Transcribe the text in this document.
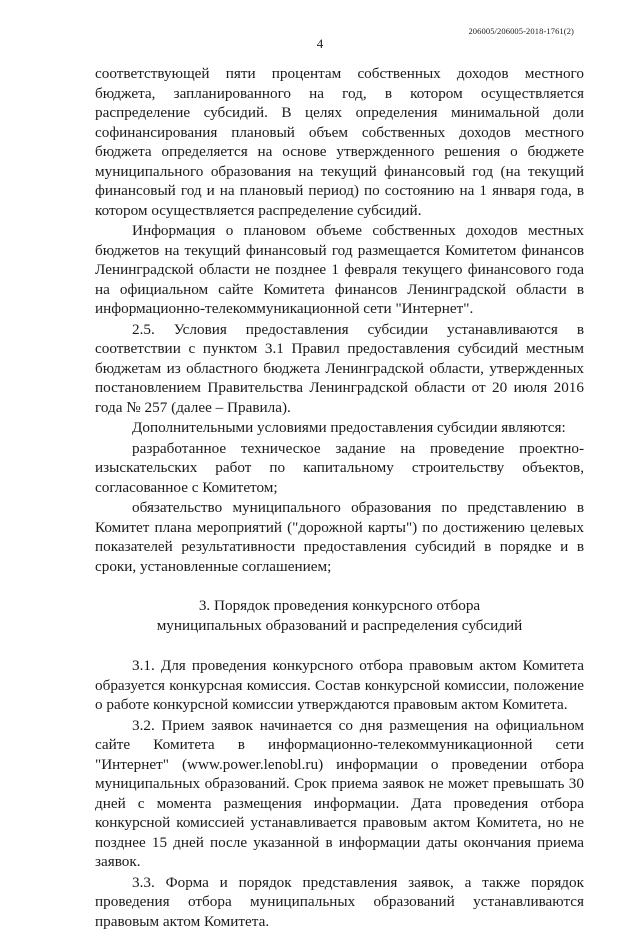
206005/206005-2018-1761(2)
4

соответствующей пяти процентам собственных доходов местного бюджета, запланированного на год, в котором осуществляется распределение субсидий. В целях определения минимальной доли софинансирования плановый объем собственных доходов местного бюджета определяется на основе утвержденного решения о бюджете муниципального образования на текущий финансовый год (на текущий финансовый год и на плановый период) по состоянию на 1 января года, в котором осуществляется распределение субсидий.

Информация о плановом объеме собственных доходов местных бюджетов на текущий финансовый год размещается Комитетом финансов Ленинградской области не позднее 1 февраля текущего финансового года на официальном сайте Комитета финансов Ленинградской области в информационно-телекоммуникационной сети "Интернет".

2.5. Условия предоставления субсидии устанавливаются в соответствии с пунктом 3.1 Правил предоставления субсидий местным бюджетам из областного бюджета Ленинградской области, утвержденных постановлением Правительства Ленинградской области от 20 июля 2016 года № 257 (далее – Правила).

Дополнительными условиями предоставления субсидии являются:

разработанное техническое задание на проведение проектно-изыскательских работ по капитальному строительству объектов, согласованное с Комитетом;

обязательство муниципального образования по представлению в Комитет плана мероприятий ("дорожной карты") по достижению целевых показателей результативности предоставления субсидий в порядке и в сроки, установленные соглашением;

3. Порядок проведения конкурсного отбора
муниципальных образований и распределения субсидий

3.1. Для проведения конкурсного отбора правовым актом Комитета образуется конкурсная комиссия. Состав конкурсной комиссии, положение о работе конкурсной комиссии утверждаются правовым актом Комитета.

3.2. Прием заявок начинается со дня размещения на официальном сайте Комитета в информационно-телекоммуникационной сети "Интернет" (www.power.lenobl.ru) информации о проведении отбора муниципальных образований. Срок приема заявок не может превышать 30 дней с момента размещения информации. Дата проведения отбора конкурсной комиссией устанавливается правовым актом Комитета, но не позднее 15 дней после указанной в информации даты окончания приема заявок.

3.3. Форма и порядок представления заявок, а также порядок проведения отбора муниципальных образований устанавливаются правовым актом Комитета.
